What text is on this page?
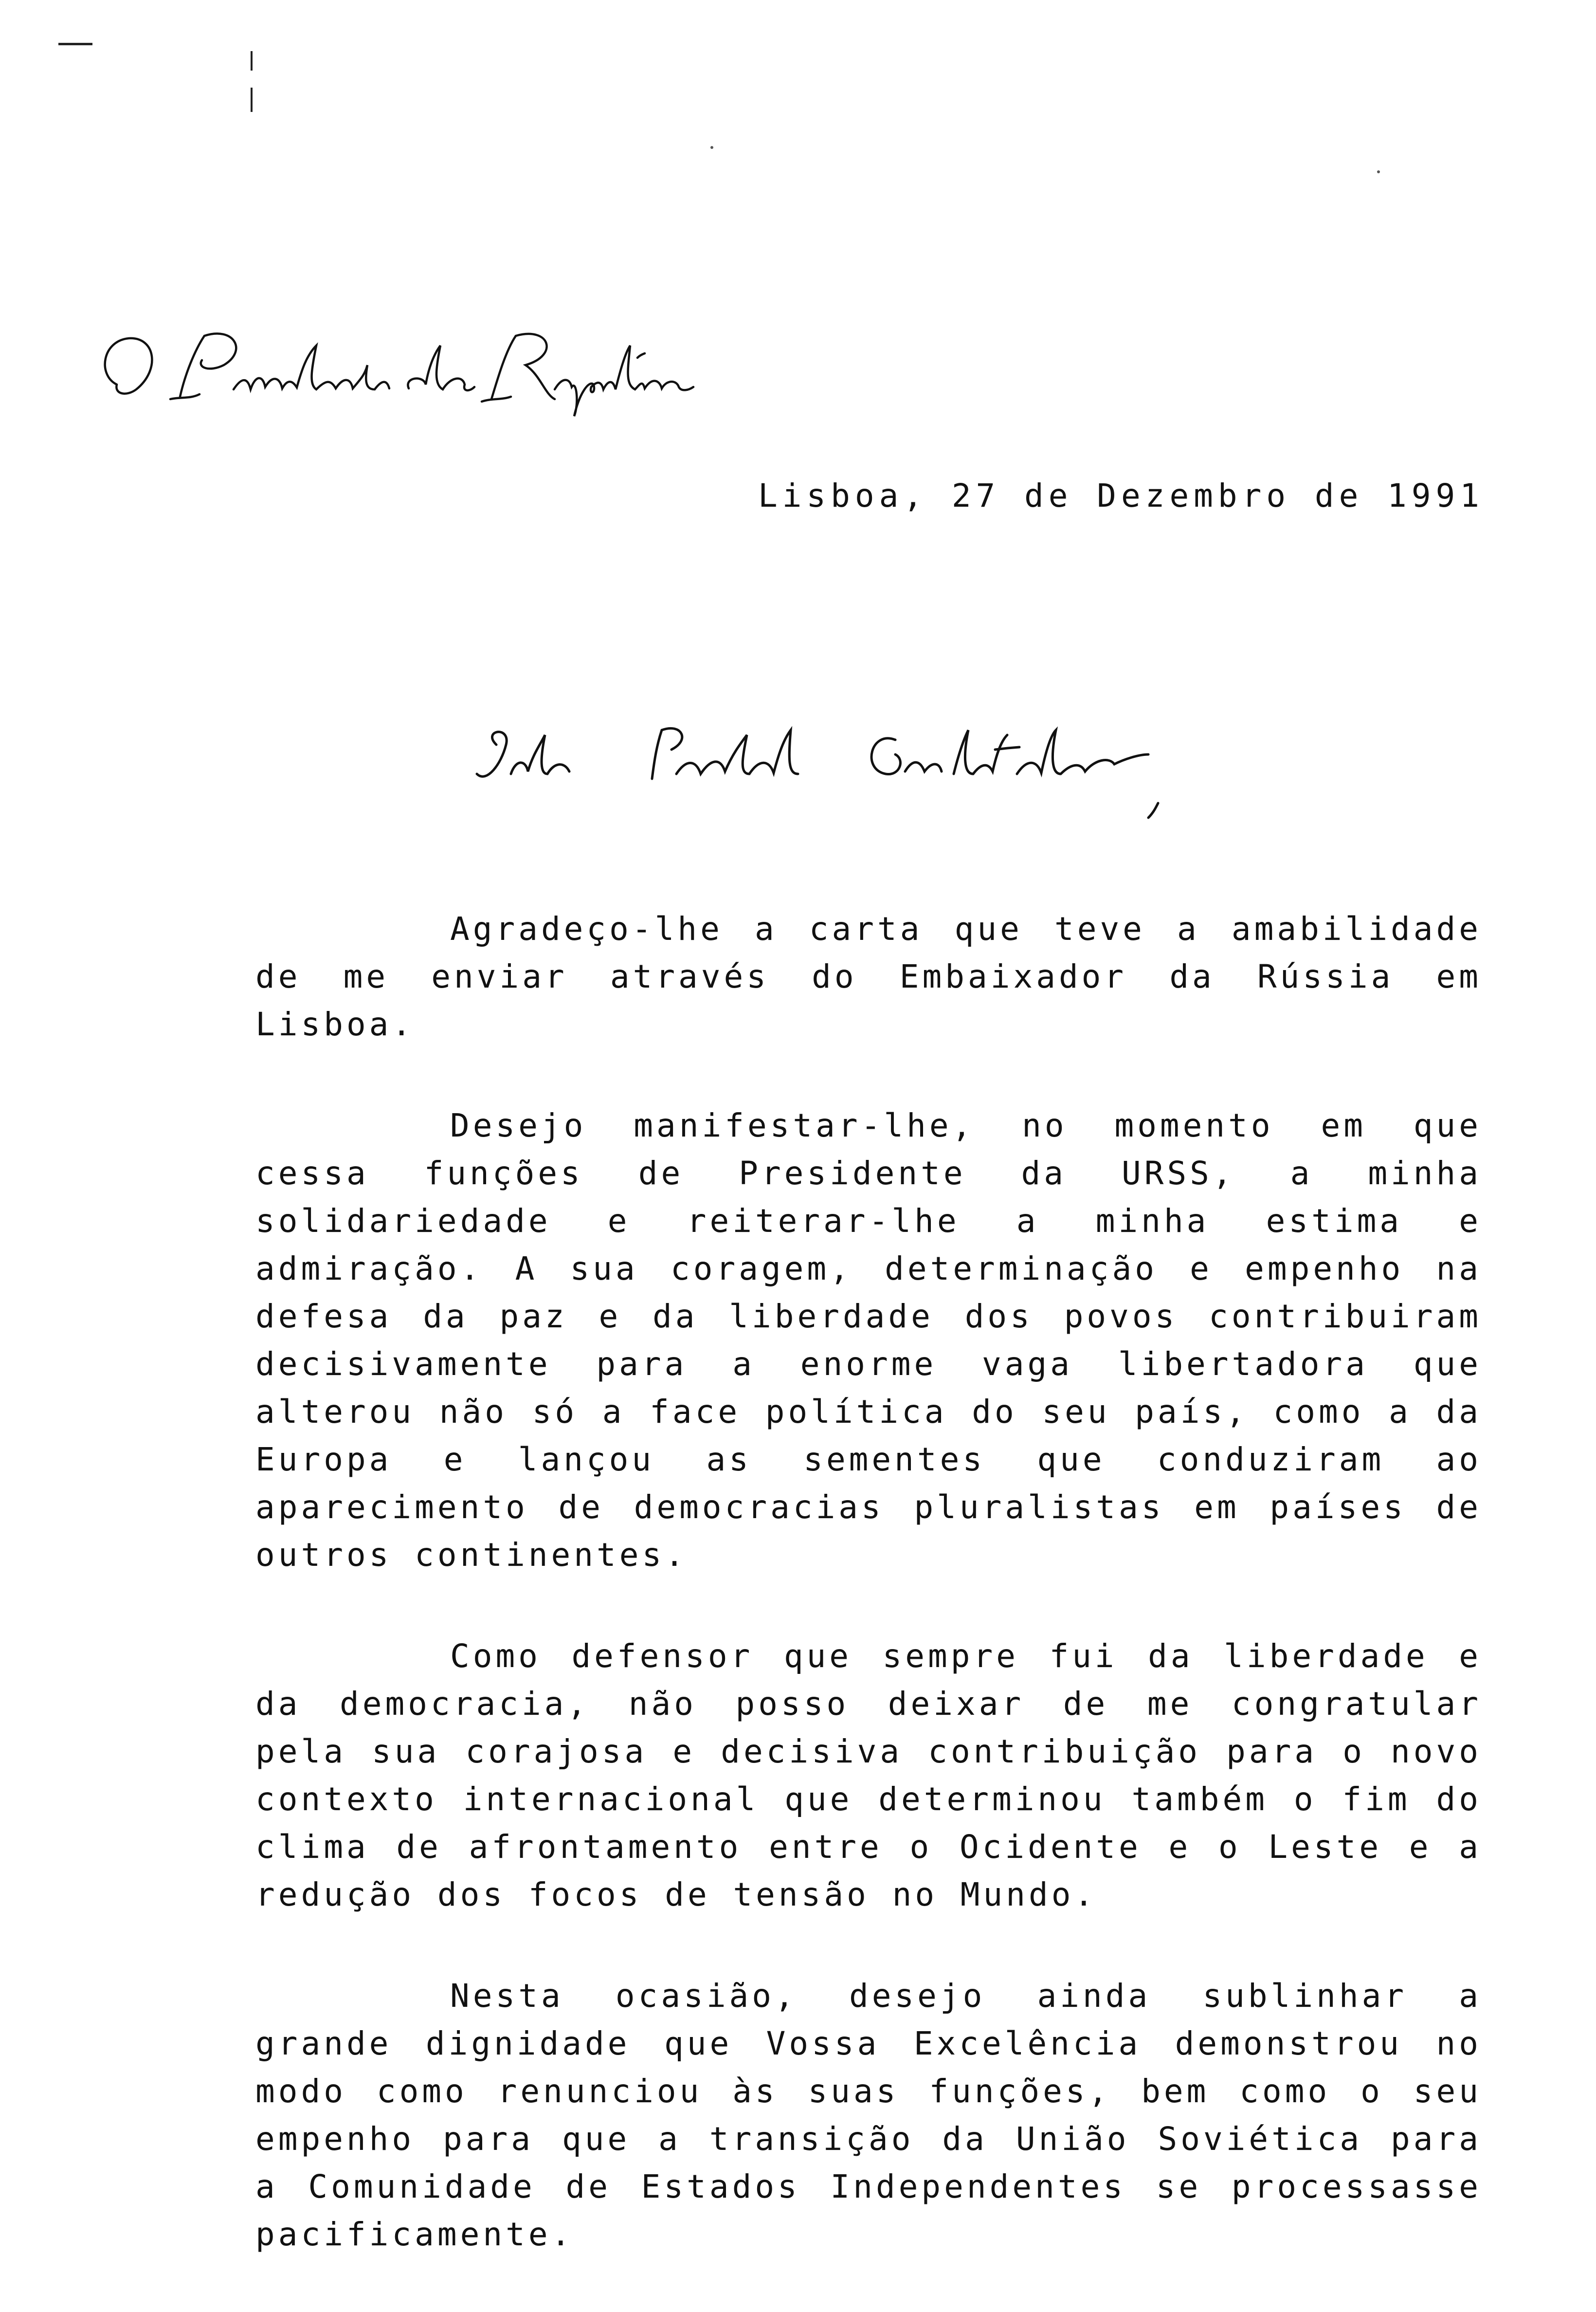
Lisboa, 27 de Dezembro de 1991

Agradeço-lhe a carta que teve a amabilidade de me enviar através do Embaixador da Rússia em Lisboa.

Desejo manifestar-lhe, no momento em que cessa funções de Presidente da URSS, a minha solidariedade e reiterar-lhe a minha estima e admiração. A sua coragem, determinação e empenho na defesa da paz e da liberdade dos povos contribuiram decisivamente para a enorme vaga libertadora que alterou não só a face política do seu país, como a da Europa e lançou as sementes que conduziram ao aparecimento de democracias pluralistas em países de outros continentes.

Como defensor que sempre fui da liberdade e da democracia, não posso deixar de me congratular pela sua corajosa e decisiva contribuição para o novo contexto internacional que determinou também o fim do clima de afrontamento entre o Ocidente e o Leste e a redução dos focos de tensão no Mundo.

Nesta ocasião, desejo ainda sublinhar a grande dignidade que Vossa Excelência demonstrou no modo como renunciou às suas funções, bem como o seu empenho para que a transição da União Soviética para a Comunidade de Estados Independentes se processasse pacificamente.
